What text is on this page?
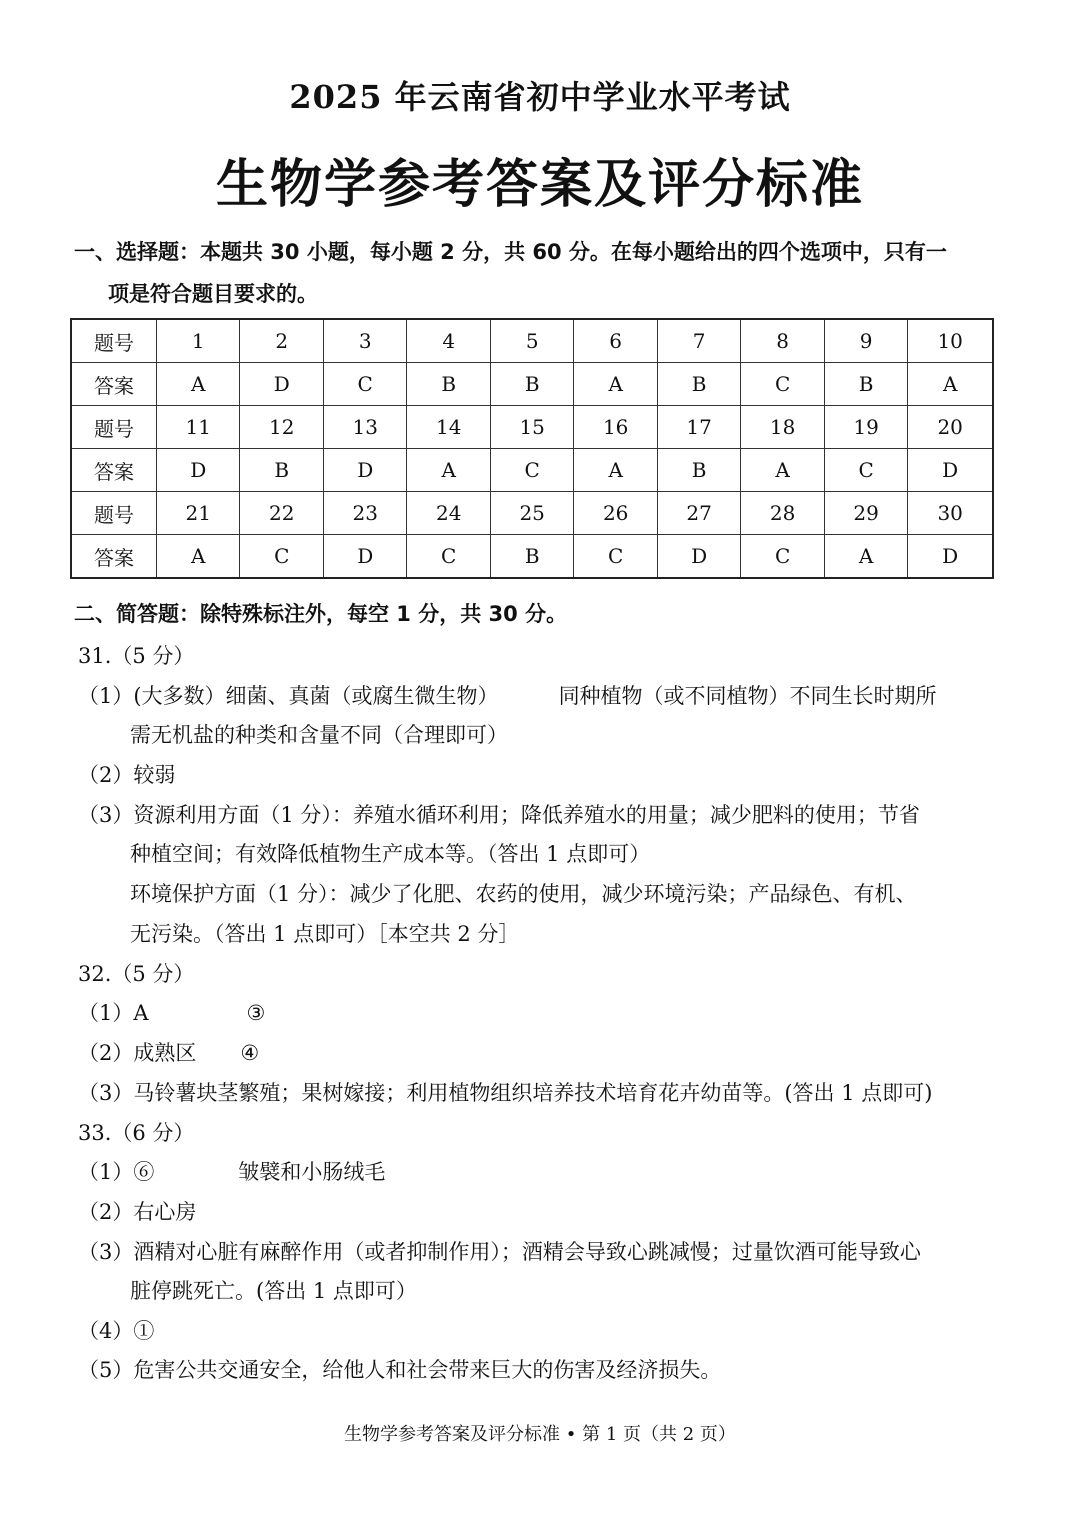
2025 年云南省初中学业水平考试
生物学参考答案及评分标准
一、选择题：本题共 30 小题，每小题 2 分，共 60 分。在每小题给出的四个选项中，只有一
项是符合题目要求的。
题号	1	2	3	4	5	6	7	8	9	10
答案	A	D	C	B	B	A	B	C	B	A
题号	11	12	13	14	15	16	17	18	19	20
答案	D	B	D	A	C	A	B	A	C	D
题号	21	22	23	24	25	26	27	28	29	30
答案	A	C	D	C	B	C	D	C	A	D
二、简答题：除特殊标注外，每空 1 分，共 30 分。
31.（5 分）
（1）(大多数）细菌、真菌（或腐生微生物）	同种植物（或不同植物）不同生长时期所
需无机盐的种类和含量不同（合理即可）
（2）较弱
（3）资源利用方面（1 分）：养殖水循环利用；降低养殖水的用量；减少肥料的使用；节省
种植空间；有效降低植物生产成本等。（答出 1 点即可）
环境保护方面（1 分）：减少了化肥、农药的使用，减少环境污染；产品绿色、有机、
无污染。（答出 1 点即可）［本空共 2 分］
32.（5 分）
（1）A	③
（2）成熟区 ④
（3）马铃薯块茎繁殖；果树嫁接；利用植物组织培养技术培育花卉幼苗等。(答出 1 点即可)
33.（6 分）
（1）⑥	皱襞和小肠绒毛
（2）右心房
（3）酒精对心脏有麻醉作用（或者抑制作用）；酒精会导致心跳减慢；过量饮酒可能导致心
脏停跳死亡。(答出 1 点即可）
（4）①
（5）危害公共交通安全，给他人和社会带来巨大的伤害及经济损失。
生物学参考答案及评分标准 • 第 1 页（共 2 页）
